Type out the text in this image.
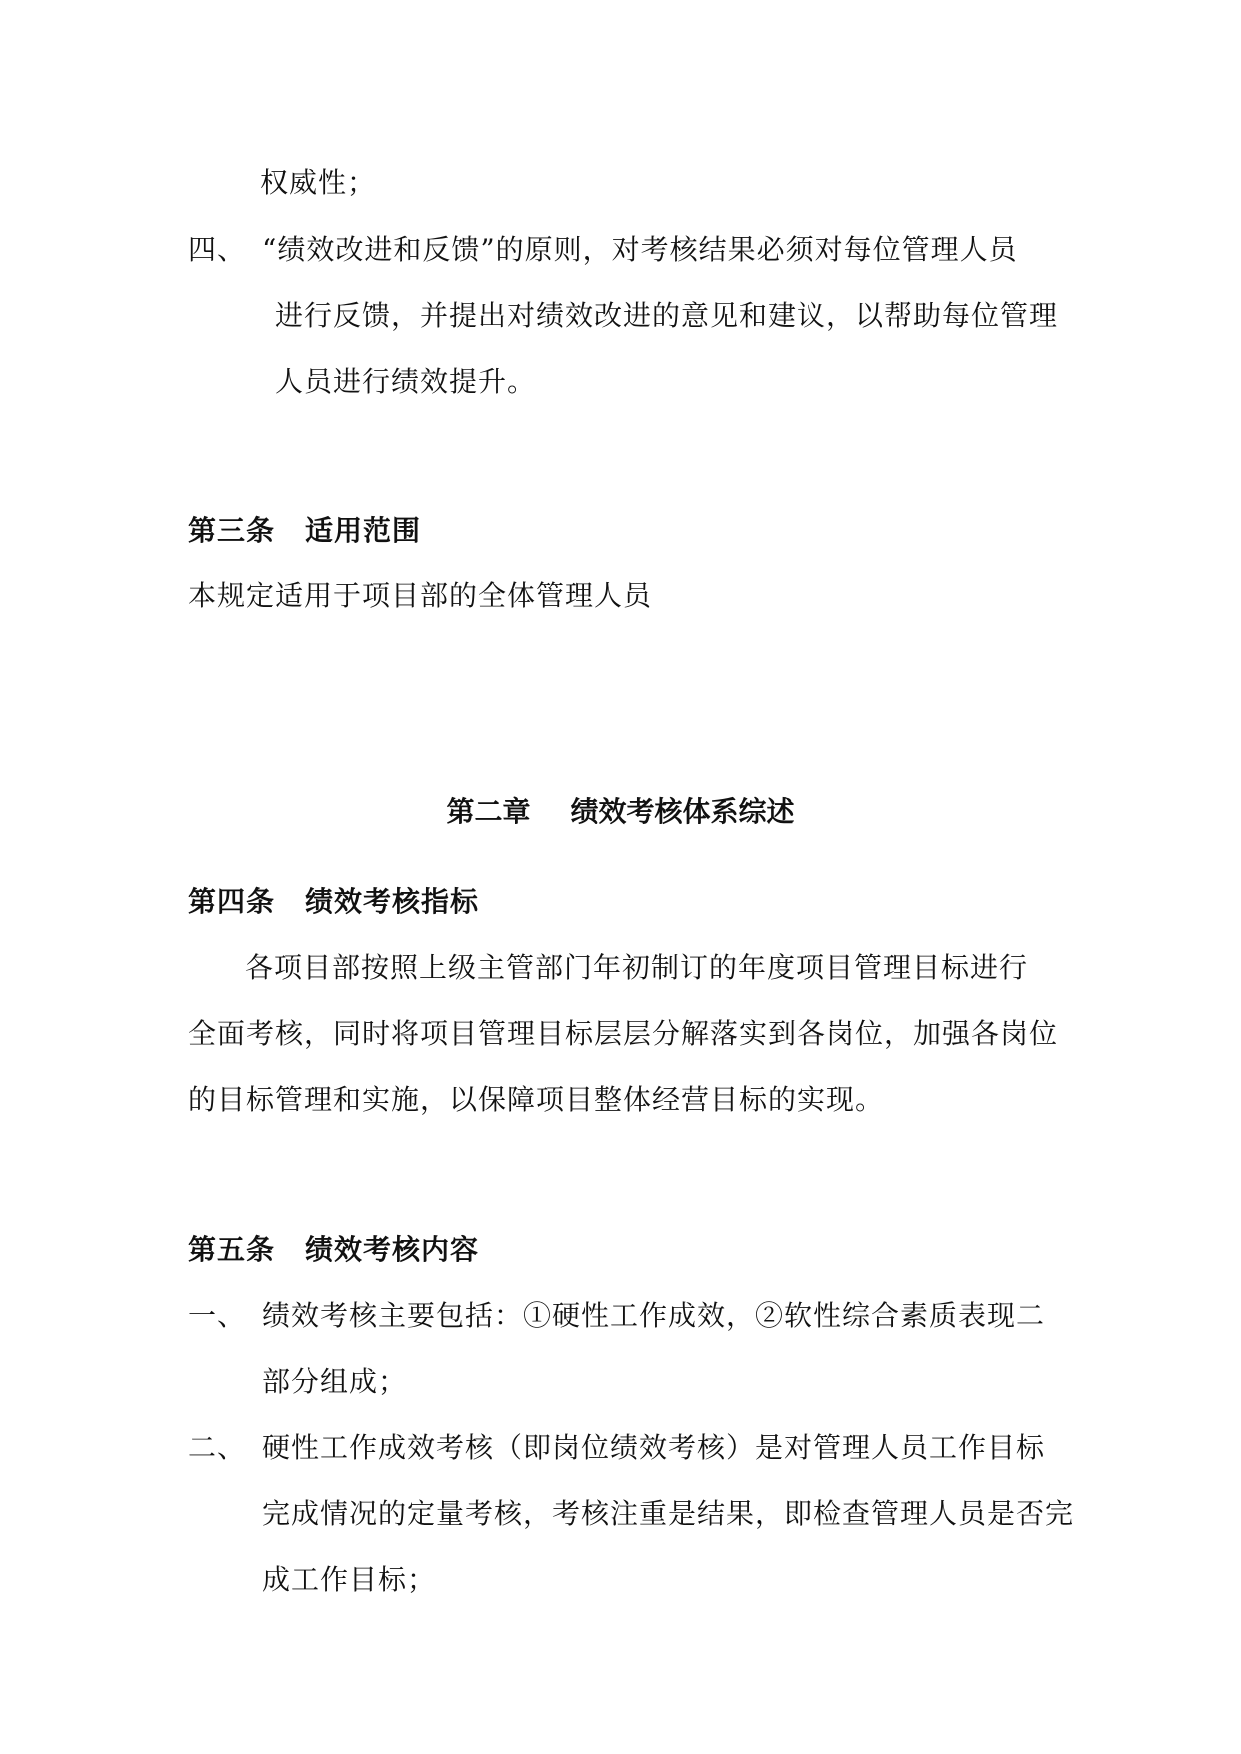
权威性；
四、 “绩效改进和反馈”的原则，对考核结果必须对每位管理人员
进行反馈，并提出对绩效改进的意见和建议，以帮助每位管理
人员进行绩效提升。
第三条 适用范围
本规定适用于项目部的全体管理人员
第二章 绩效考核体系综述
第四条 绩效考核指标
各项目部按照上级主管部门年初制订的年度项目管理目标进行
全面考核，同时将项目管理目标层层分解落实到各岗位，加强各岗位
的目标管理和实施，以保障项目整体经营目标的实现。
第五条 绩效考核内容
一、 绩效考核主要包括：①硬性工作成效，②软性综合素质表现二
部分组成；
二、 硬性工作成效考核（即岗位绩效考核）是对管理人员工作目标
完成情况的定量考核，考核注重是结果，即检查管理人员是否完
成工作目标；
